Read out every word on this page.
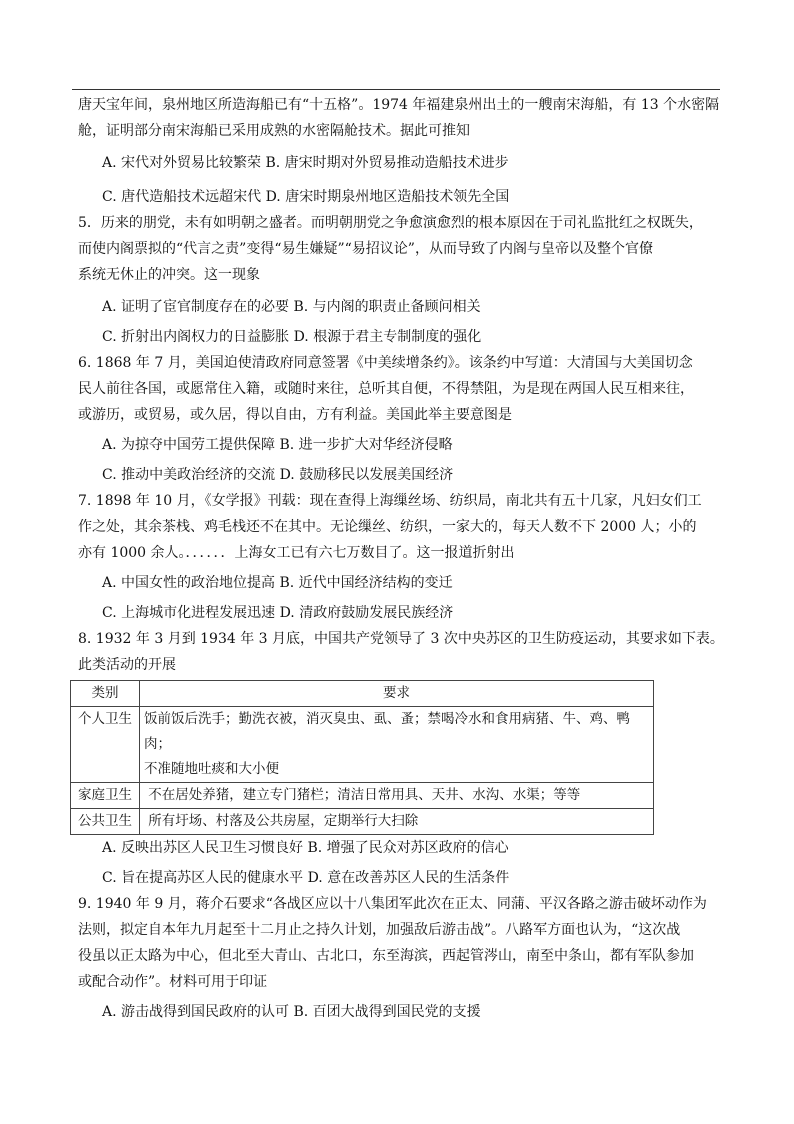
唐天宝年间，泉州地区所造海船已有“十五格”。1974 年福建泉州出土的一艘南宋海船，有 13 个水密隔
舱，证明部分南宋海船已采用成熟的水密隔舱技术。据此可推知
A. 宋代对外贸易比较繁荣 B. 唐宋时期对外贸易推动造船技术进步
C. 唐代造船技术远超宋代 D. 唐宋时期泉州地区造船技术领先全国
5．历来的朋党，未有如明朝之盛者。而明朝朋党之争愈演愈烈的根本原因在于司礼监批红之权既失，
而使内阁票拟的“代言之责”变得“易生嫌疑”“易招议论”，从而导致了内阁与皇帝以及整个官僚
系统无休止的冲突。这一现象
A. 证明了宦官制度存在的必要 B. 与内阁的职责止备顾问相关
C. 折射出内阁权力的日益膨胀 D. 根源于君主专制制度的强化
6. 1868 年 7 月，美国迫使清政府同意签署《中美续增条约》。该条约中写道：大清国与大美国切念
民人前往各国，或愿常住入籍，或随时来往，总听其自便，不得禁阻，为是现在两国人民互相来往，
或游历，或贸易，或久居，得以自由，方有利益。美国此举主要意图是
A. 为掠夺中国劳工提供保障 B. 进一步扩大对华经济侵略
C. 推动中美政治经济的交流 D. 鼓励移民以发展美国经济
7. 1898 年 10 月，《女学报》刊载：现在查得上海缫丝场、纺织局，南北共有五十几家，凡妇女们工
作之处，其余茶栈、鸡毛栈还不在其中。无论缫丝、纺织，一家大的，每天人数不下 2000 人；小的
亦有 1000 余人。．．．．．．上海女工已有六七万数目了。这一报道折射出
A. 中国女性的政治地位提高 B. 近代中国经济结构的变迁
C. 上海城市化进程发展迅速 D. 清政府鼓励发展民族经济
8. 1932 年 3 月到 1934 年 3 月底，中国共产党领导了 3 次中央苏区的卫生防疫运动，其要求如下表。
此类活动的开展
类别	要求
个人卫生	饭前饭后洗手；勤洗衣被，消灭臭虫、虱、蚤；禁喝冷水和食用病猪、牛、鸡、鸭肉；
不准随地吐痰和大小便

家庭卫生	不在居处养猪，建立专门猪栏；清洁日常用具、天井、水沟、水渠；等等
公共卫生	所有圩场、村落及公共房屋，定期举行大扫除
A. 反映出苏区人民卫生习惯良好 B. 增强了民众对苏区政府的信心
C. 旨在提高苏区人民的健康水平 D. 意在改善苏区人民的生活条件
9. 1940 年 9 月，蒋介石要求“各战区应以十八集团军此次在正太、同蒲、平汉各路之游击破坏动作为
法则，拟定自本年九月起至十二月止之持久计划，加强敌后游击战”。八路军方面也认为，“这次战
役虽以正太路为中心，但北至大青山、古北口，东至海滨，西起管涔山，南至中条山，都有军队参加
或配合动作”。材料可用于印证
A. 游击战得到国民政府的认可 B. 百团大战得到国民党的支援
